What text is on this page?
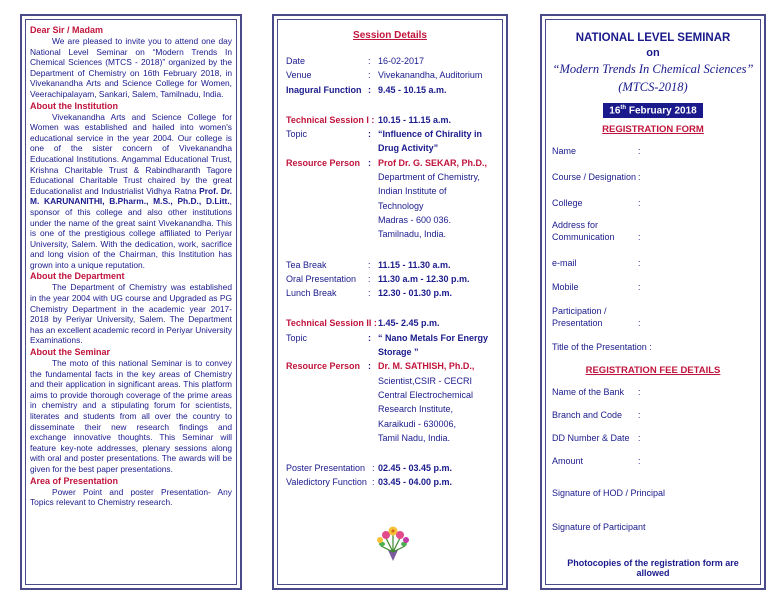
Dear Sir / Madam

We are pleased to invite you to attend one day National Level Seminar on “Modern Trends In Chemical Sciences (MTCS - 2018)” organized by the Department of Chemistry on 16th February 2018, in Vivekanandha Arts and Science College for Women, Veerachipalayam, Sankari, Salem, Tamilnadu, India.

About the Institution

Vivekanandha Arts and Science College for Women was established and hailed into women's educational service in the year 2004. Our college is one of the sister concern of Vivekanandha Educational Institutions. Angammal Educational Trust, Krishna Charitable Trust & Rabindharanth Tagore Educational Charitable Trust chaired by the great Educationalist and Industrialist Vidhya Ratna Prof. Dr. M. KARUNANITHI, B.Pharm., M.S., Ph.D., D.Litt., sponsor of this college and also other institutions under the name of the great saint Vivekanandha. This is one of the prestigious college affiliated to Periyar University, Salem. With the dedication, work, sacrifice and long vision of the Chairman, this Institution has grown into a unique reputation.

About the Department

The Department of Chemistry was established in the year 2004 with UG course and Upgraded as PG Chemistry Department in the academic year 2017-2018 by Periyar University, Salem. The Department has an excellent academic record in Periyar University Examinations.

About the Seminar

The moto of this national Seminar is to convey the fundamental facts in the key areas of Chemistry and their application in significant areas. This platform aims to provide thorough coverage of the prime areas in chemistry and a stipulating forum for scientists, literates and students from all over the country to disseminate their new research findings and exchange innovative thoughts. This Seminar will feature key-note addresses, plenary sessions along with oral and poster presentations. The awards will be given for the best paper presentations.

Area of Presentation

Power Point and poster Presentation- Any Topics relevant to Chemistry research.

Session Details
Date	: 16-02-2017
Venue	: Vivekanandha, Auditorium
Inagural Function : 9.45 - 10.15 a.m.
Technical Session I : 10.15 - 11.15 a.m.
Topic	: “Influence of Chirality in Drug Activity”
Resource Person : Prof Dr. G. SEKAR, Ph.D.,
Department of Chemistry,
Indian Institute of Technology
Madras - 600 036.
Tamilnadu, India.
Tea Break	: 11.15 - 11.30 a.m.
Oral Presentation	: 11.30 a.m - 12.30 p.m.
Lunch Break	: 12.30 - 01.30 p.m.
Technical Session II : 1.45- 2.45 p.m.
Topic	: “ Nano Metals For Energy Storage ”
Resource Person : Dr. M. SATHISH, Ph.D.,
Scientist,CSIR - CECRI
Central Electrochemical
Research Institute,
Karaikudi - 630006,
Tamil Nadu, India.
Poster Presentation : 02.45 - 03.45 p.m.
Valedictory Function : 03.45 - 04.00 p.m.
NATIONAL LEVEL SEMINAR
on
“Modern Trends In Chemical Sciences”
(MTCS-2018)
16th February 2018
REGISTRATION FORM
Name	:
Course / Designation :
College	:
Address for
Communication	:
e-mail	:
Mobile	:
Participation /
Presentation	:
Title of the Presentation :
REGISTRATION FEE DETAILS
Name of the Bank	:
Branch and Code	:
DD Number & Date :
Amount	:
Signature of HOD / Principal
Signature of Participant
Photocopies of the registration form are allowed
